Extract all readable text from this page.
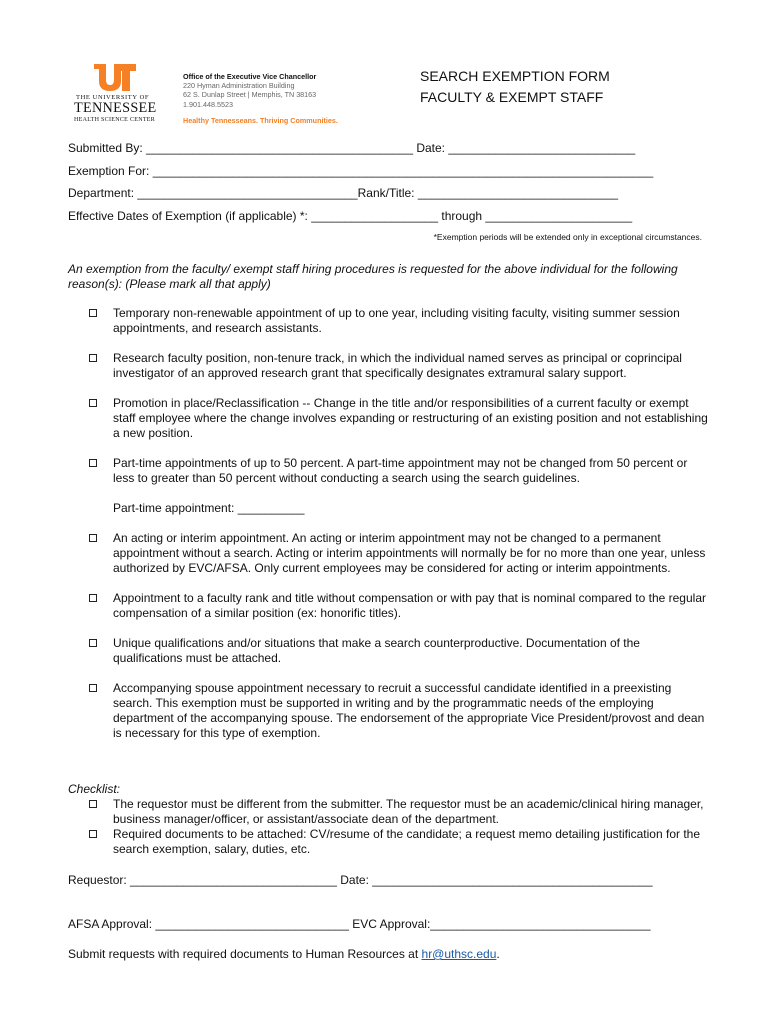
THE UNIVERSITY OF
TENNESSEE
HEALTH SCIENCE CENTER
Office of the Executive Vice Chancellor
220 Hyman Administration Building
62 S. Dunlap Street | Memphis, TN 38163
1.901.448.5523
Healthy Tennesseans. Thriving Communities.
SEARCH EXEMPTION FORM
FACULTY & EXEMPT STAFF
Submitted By: ________________________________________ Date: ____________________________
Exemption For: ___________________________________________________________________________
Department: _________________________________Rank/Title: ______________________________
Effective Dates of Exemption (if applicable) *: ___________________ through ______________________
*Exemption periods will be extended only in exceptional circumstances.
An exemption from the faculty/ exempt staff hiring procedures is requested for the above individual for the following reason(s): (Please mark all that apply)
Temporary non-renewable appointment of up to one year, including visiting faculty, visiting summer session appointments, and research assistants.
Research faculty position, non-tenure track, in which the individual named serves as principal or coprincipal investigator of an approved research grant that specifically designates extramural salary support.
Promotion in place/Reclassification -- Change in the title and/or responsibilities of a current faculty or exempt staff employee where the change involves expanding or restructuring of an existing position and not establishing a new position.
Part-time appointments of up to 50 percent. A part-time appointment may not be changed from 50 percent or less to greater than 50 percent without conducting a search using the search guidelines.
Part-time appointment: __________
An acting or interim appointment. An acting or interim appointment may not be changed to a permanent appointment without a search. Acting or interim appointments will normally be for no more than one year, unless authorized by EVC/AFSA. Only current employees may be considered for acting or interim appointments.
Appointment to a faculty rank and title without compensation or with pay that is nominal compared to the regular compensation of a similar position (ex: honorific titles).
Unique qualifications and/or situations that make a search counterproductive. Documentation of the qualifications must be attached.
Accompanying spouse appointment necessary to recruit a successful candidate identified in a preexisting search. This exemption must be supported in writing and by the programmatic needs of the employing department of the accompanying spouse. The endorsement of the appropriate Vice President/provost and dean is necessary for this type of exemption.
Checklist:
The requestor must be different from the submitter. The requestor must be an academic/clinical hiring manager, business manager/officer, or assistant/associate dean of the department.
Required documents to be attached: CV/resume of the candidate; a request memo detailing justification for the search exemption, salary, duties, etc.
Requestor: _______________________________ Date: __________________________________________
AFSA Approval: _____________________________ EVC Approval:_________________________________
Submit requests with required documents to Human Resources at hr@uthsc.edu.
